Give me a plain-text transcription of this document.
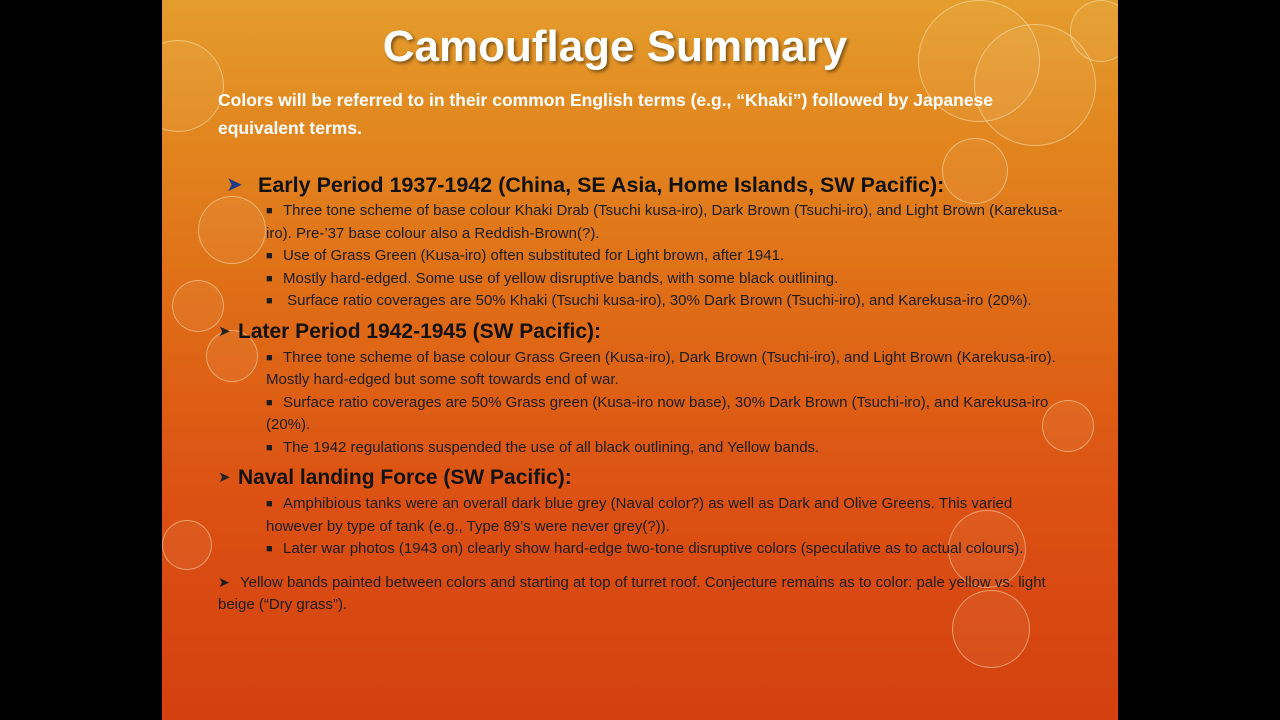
Camouflage Summary
Colors will be referred to in their common English terms (e.g., “Khaki”) followed by Japanese equivalent terms.
➤ Early Period 1937-1942 (China, SE Asia, Home Islands, SW Pacific):
■ Three tone scheme of base colour Khaki Drab (Tsuchi kusa-iro), Dark Brown (Tsuchi-iro), and Light Brown (Karekusa-iro). Pre-’37 base colour also a Reddish-Brown(?).
■ Use of Grass Green (Kusa-iro) often substituted for Light brown, after 1941.
■ Mostly hard-edged. Some use of yellow disruptive bands, with some black outlining.
■ Surface ratio coverages are 50% Khaki (Tsuchi kusa-iro), 30% Dark Brown (Tsuchi-iro), and Karekusa-iro (20%).
➤ Later Period 1942-1945 (SW Pacific):
■ Three tone scheme of base colour Grass Green (Kusa-iro), Dark Brown (Tsuchi-iro), and Light Brown (Karekusa-iro). Mostly hard-edged but some soft towards end of war.
■ Surface ratio coverages are 50% Grass green (Kusa-iro now base), 30% Dark Brown (Tsuchi-iro), and Karekusa-iro (20%).
■ The 1942 regulations suspended the use of all black outlining, and Yellow bands.
➤ Naval landing Force (SW Pacific):
■ Amphibious tanks were an overall dark blue grey (Naval color?) as well as Dark and Olive Greens. This varied however by type of tank (e.g., Type 89’s were never grey(?)).
■ Later war photos (1943 on) clearly show hard-edge two-tone disruptive colors (speculative as to actual colours).
➤ Yellow bands painted between colors and starting at top of turret roof. Conjecture remains as to color: pale yellow vs. light beige (“Dry grass”).
